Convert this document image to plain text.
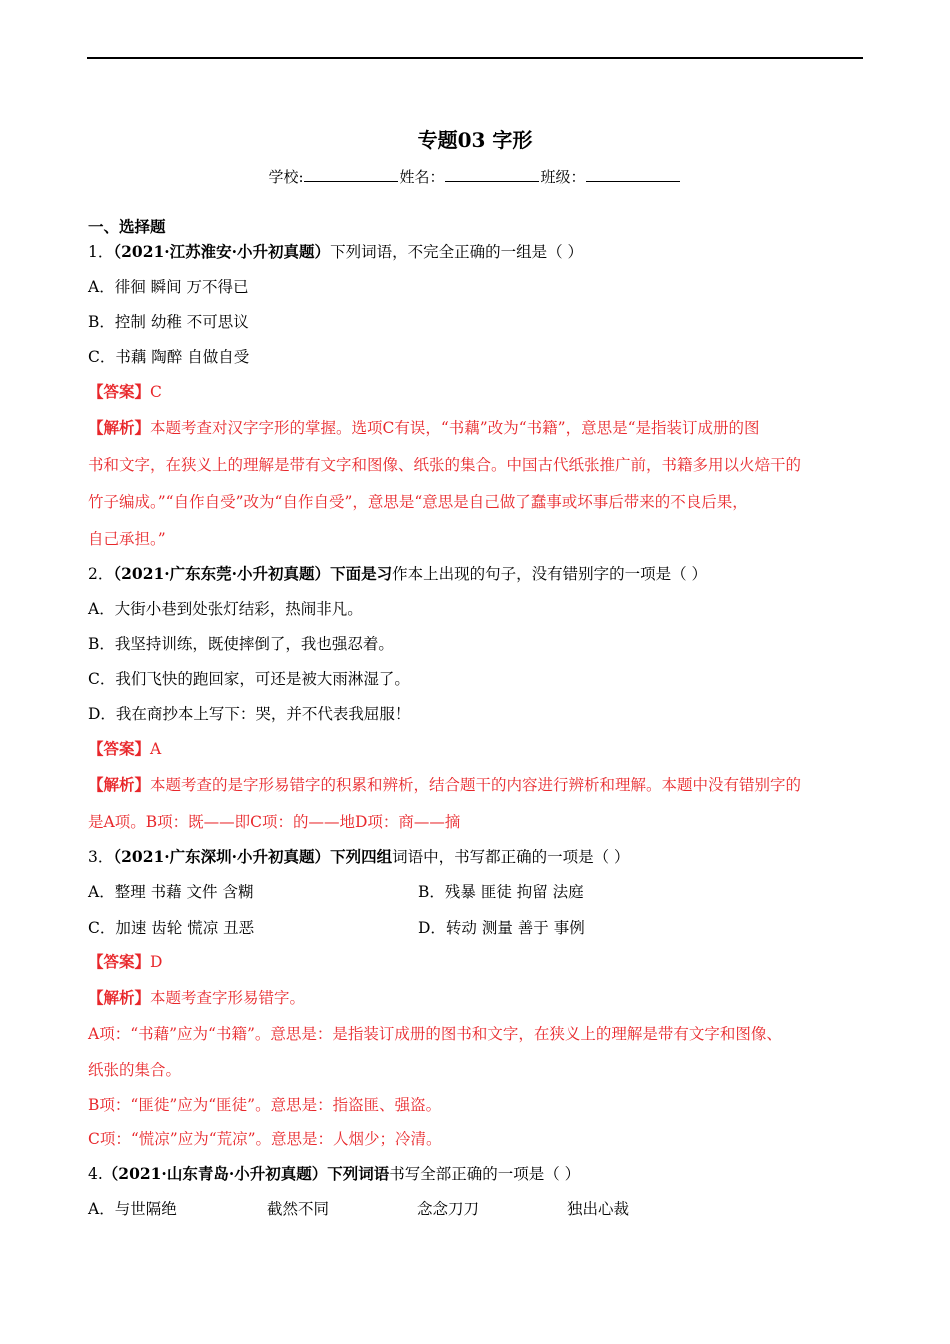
专题03 字形
学校:	姓名：	班级：
一、选择题
1．（2021·江苏淮安·小升初真题）下列词语，不完全正确的一组是（ ）
A．徘徊 瞬间 万不得已
B．控制 幼稚 不可思议
C．书藕 陶醉 自做自受
【答案】C
【解析】本题考查对汉字字形的掌握。选项C有误，“书藕”改为“书籍”，意思是“是指装订成册的图
书和文字，在狭义上的理解是带有文字和图像、纸张的集合。中国古代纸张推广前，书籍多用以火焙干的
竹子编成。”“自作自受”改为“自作自受”，意思是“意思是自己做了蠢事或坏事后带来的不良后果，
自己承担。”
2．（2021·广东东莞·小升初真题）下面是习作本上出现的句子，没有错别字的一项是（ ）
A．大街小巷到处张灯结彩，热闹非凡。
B．我坚持训练，既使摔倒了，我也强忍着。
C．我们飞快的跑回家，可还是被大雨淋湿了。
D．我在商抄本上写下：哭，并不代表我屈服！
【答案】A
【解析】本题考查的是字形易错字的积累和辨析，结合题干的内容进行辨析和理解。本题中没有错别字的
是A项。B项：既——即C项：的——地D项：商——摘
3．（2021·广东深圳·小升初真题）下列四组词语中，书写都正确的一项是（ ）
A．整理 书藉 文件 含糊	B．残暴 匪徒 拘留 法庭
C．加速 齿轮 慌凉 丑恶	D．转动 测量 善于 事例
【答案】D
【解析】本题考查字形易错字。
A项：“书藉”应为“书籍”。意思是：是指装订成册的图书和文字，在狭义上的理解是带有文字和图像、
纸张的集合。
B项：“匪徙”应为“匪徒”。意思是：指盗匪、强盗。
C项：“慌凉”应为“荒凉”。意思是：人烟少；冷清。
4.（2021·山东青岛·小升初真题）下列词语书写全部正确的一项是（ ）
A．与世隔绝	截然不同	念念刀刀	独出心裁
